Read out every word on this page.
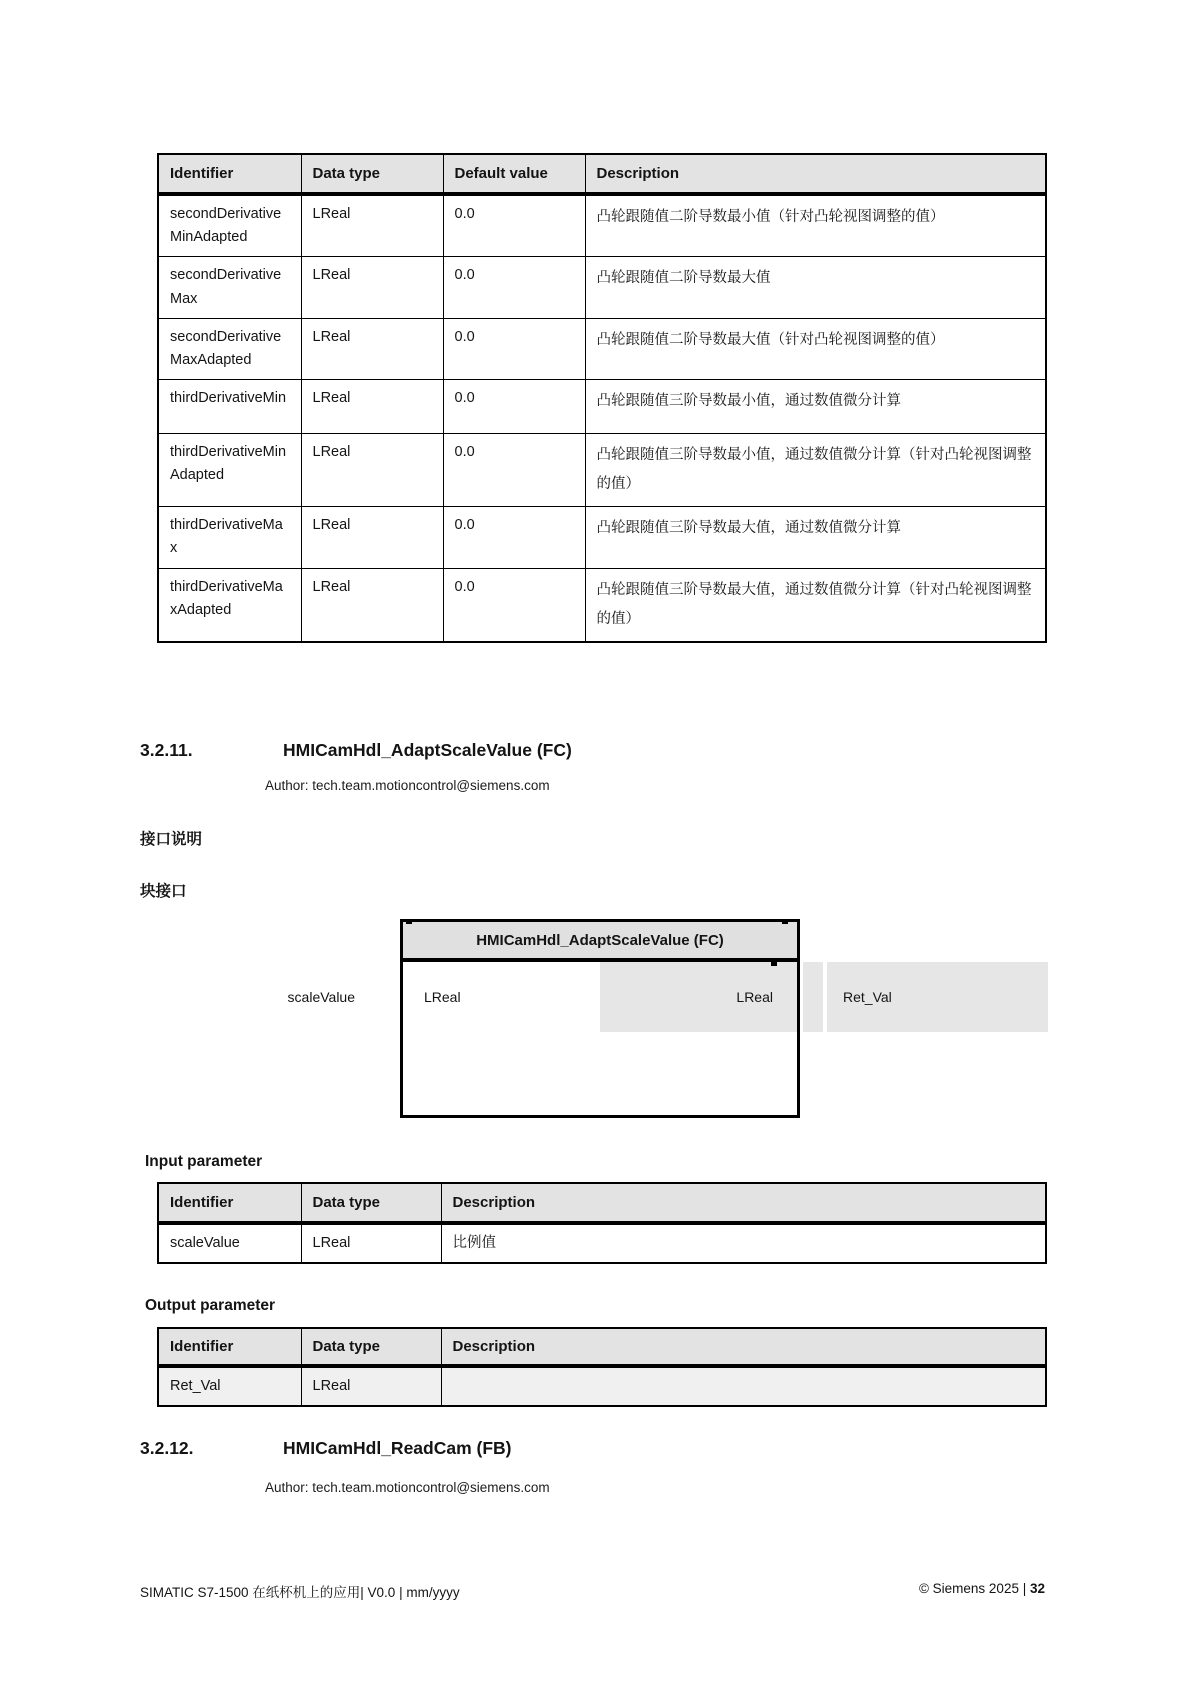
Identifier	Data type	Default value	Description
secondDerivativeMinAdapted	LReal	0.0	凸轮跟随值二阶导数最小值（针对凸轮视图调整的值）
secondDerivativeMax	LReal	0.0	凸轮跟随值二阶导数最大值
secondDerivativeMaxAdapted	LReal	0.0	凸轮跟随值二阶导数最大值（针对凸轮视图调整的值）
thirdDerivativeMin	LReal	0.0	凸轮跟随值三阶导数最小值，通过数值微分计算
thirdDerivativeMinAdapted	LReal	0.0	凸轮跟随值三阶导数最小值，通过数值微分计算（针对凸轮视图调整的值）
thirdDerivativeMax	LReal	0.0	凸轮跟随值三阶导数最大值，通过数值微分计算
thirdDerivativeMaxAdapted	LReal	0.0	凸轮跟随值三阶导数最大值，通过数值微分计算（针对凸轮视图调整的值）
3.2.11.	HMICamHdl_AdaptScaleValue (FC)
Author: tech.team.motioncontrol@siemens.com
接口说明
块接口
scaleValue
HMICamHdl_AdaptScaleValue (FC)
LReal	LReal	Ret_Val
Input parameter
Identifier	Data type	Description
scaleValue	LReal	比例值
Output parameter
Identifier	Data type	Description
Ret_Val	LReal	
3.2.12.	HMICamHdl_ReadCam (FB)
Author: tech.team.motioncontrol@siemens.com
SIMATIC S7-1500 在纸杯机上的应用| V0.0 | mm/yyyy	© Siemens 2025 | 32
